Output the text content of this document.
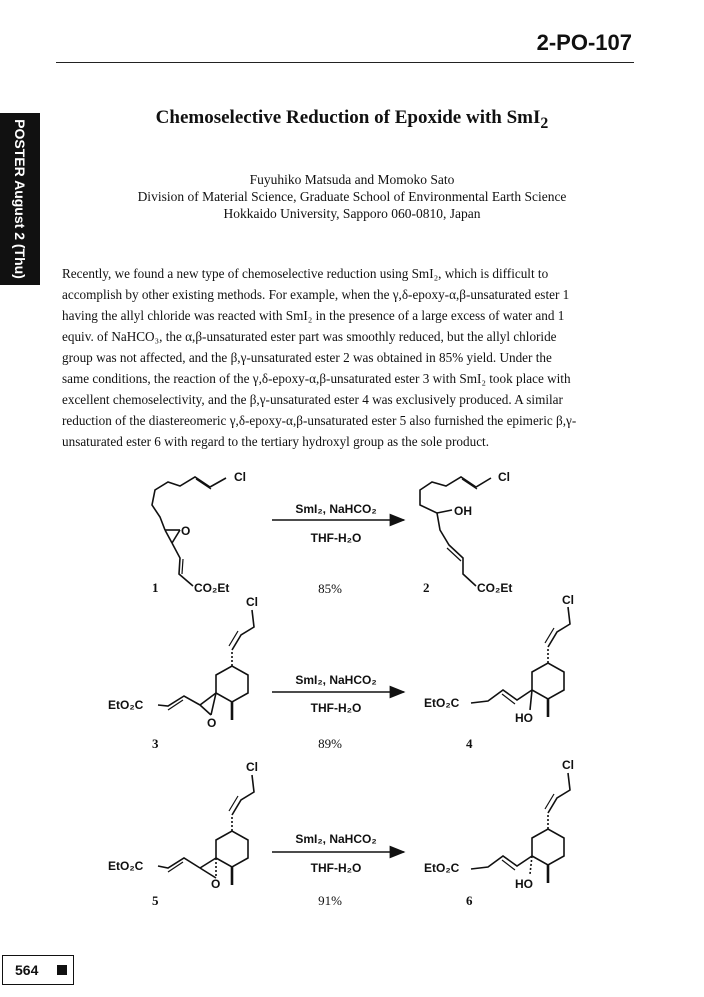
2-PO-107
POSTER August 2 (Thu)
Chemoselective Reduction of Epoxide with SmI$_2$
Fuyuhiko Matsuda and Momoko Sato
Division of Material Science, Graduate School of Environmental Earth Science
Hokkaido University, Sapporo 060-0810, Japan
Recently, we found a new type of chemoselective reduction using SmI₂, which is difficult to
accomplish by other existing methods. For example, when the γ,δ-epoxy-α,β-unsaturated ester 1
having the allyl chloride was reacted with SmI₂ in the presence of a large excess of water and 1
equiv. of NaHCO₃, the α,β-unsaturated ester part was smoothly reduced, but the allyl chloride
group was not affected, and the β,γ-unsaturated ester 2 was obtained in 85% yield. Under the
same conditions, the reaction of the γ,δ-epoxy-α,β-unsaturated ester 3 with SmI₂ took place with
excellent chemoselectivity, and the β,γ-unsaturated ester 4 was exclusively produced. A similar
reduction of the diastereomeric γ,δ-epoxy-α,β-unsaturated ester 5 also furnished the epimeric β,γ-
unsaturated ester 6 with regard to the tertiary hydroxyl group as the sole product.
Cl
O
CO₂Et
Cl
OH
CO₂Et
SmI₂, NaHCO₂
THF-H₂O
85%
1	2
Cl
O
EtO₂C
Cl
HO
EtO₂C
SmI₂, NaHCO₂
THF-H₂O
89%
3	4
Cl
O
EtO₂C
Cl
HO
EtO₂C
SmI₂, NaHCO₂
THF-H₂O
91%
5	6
564
